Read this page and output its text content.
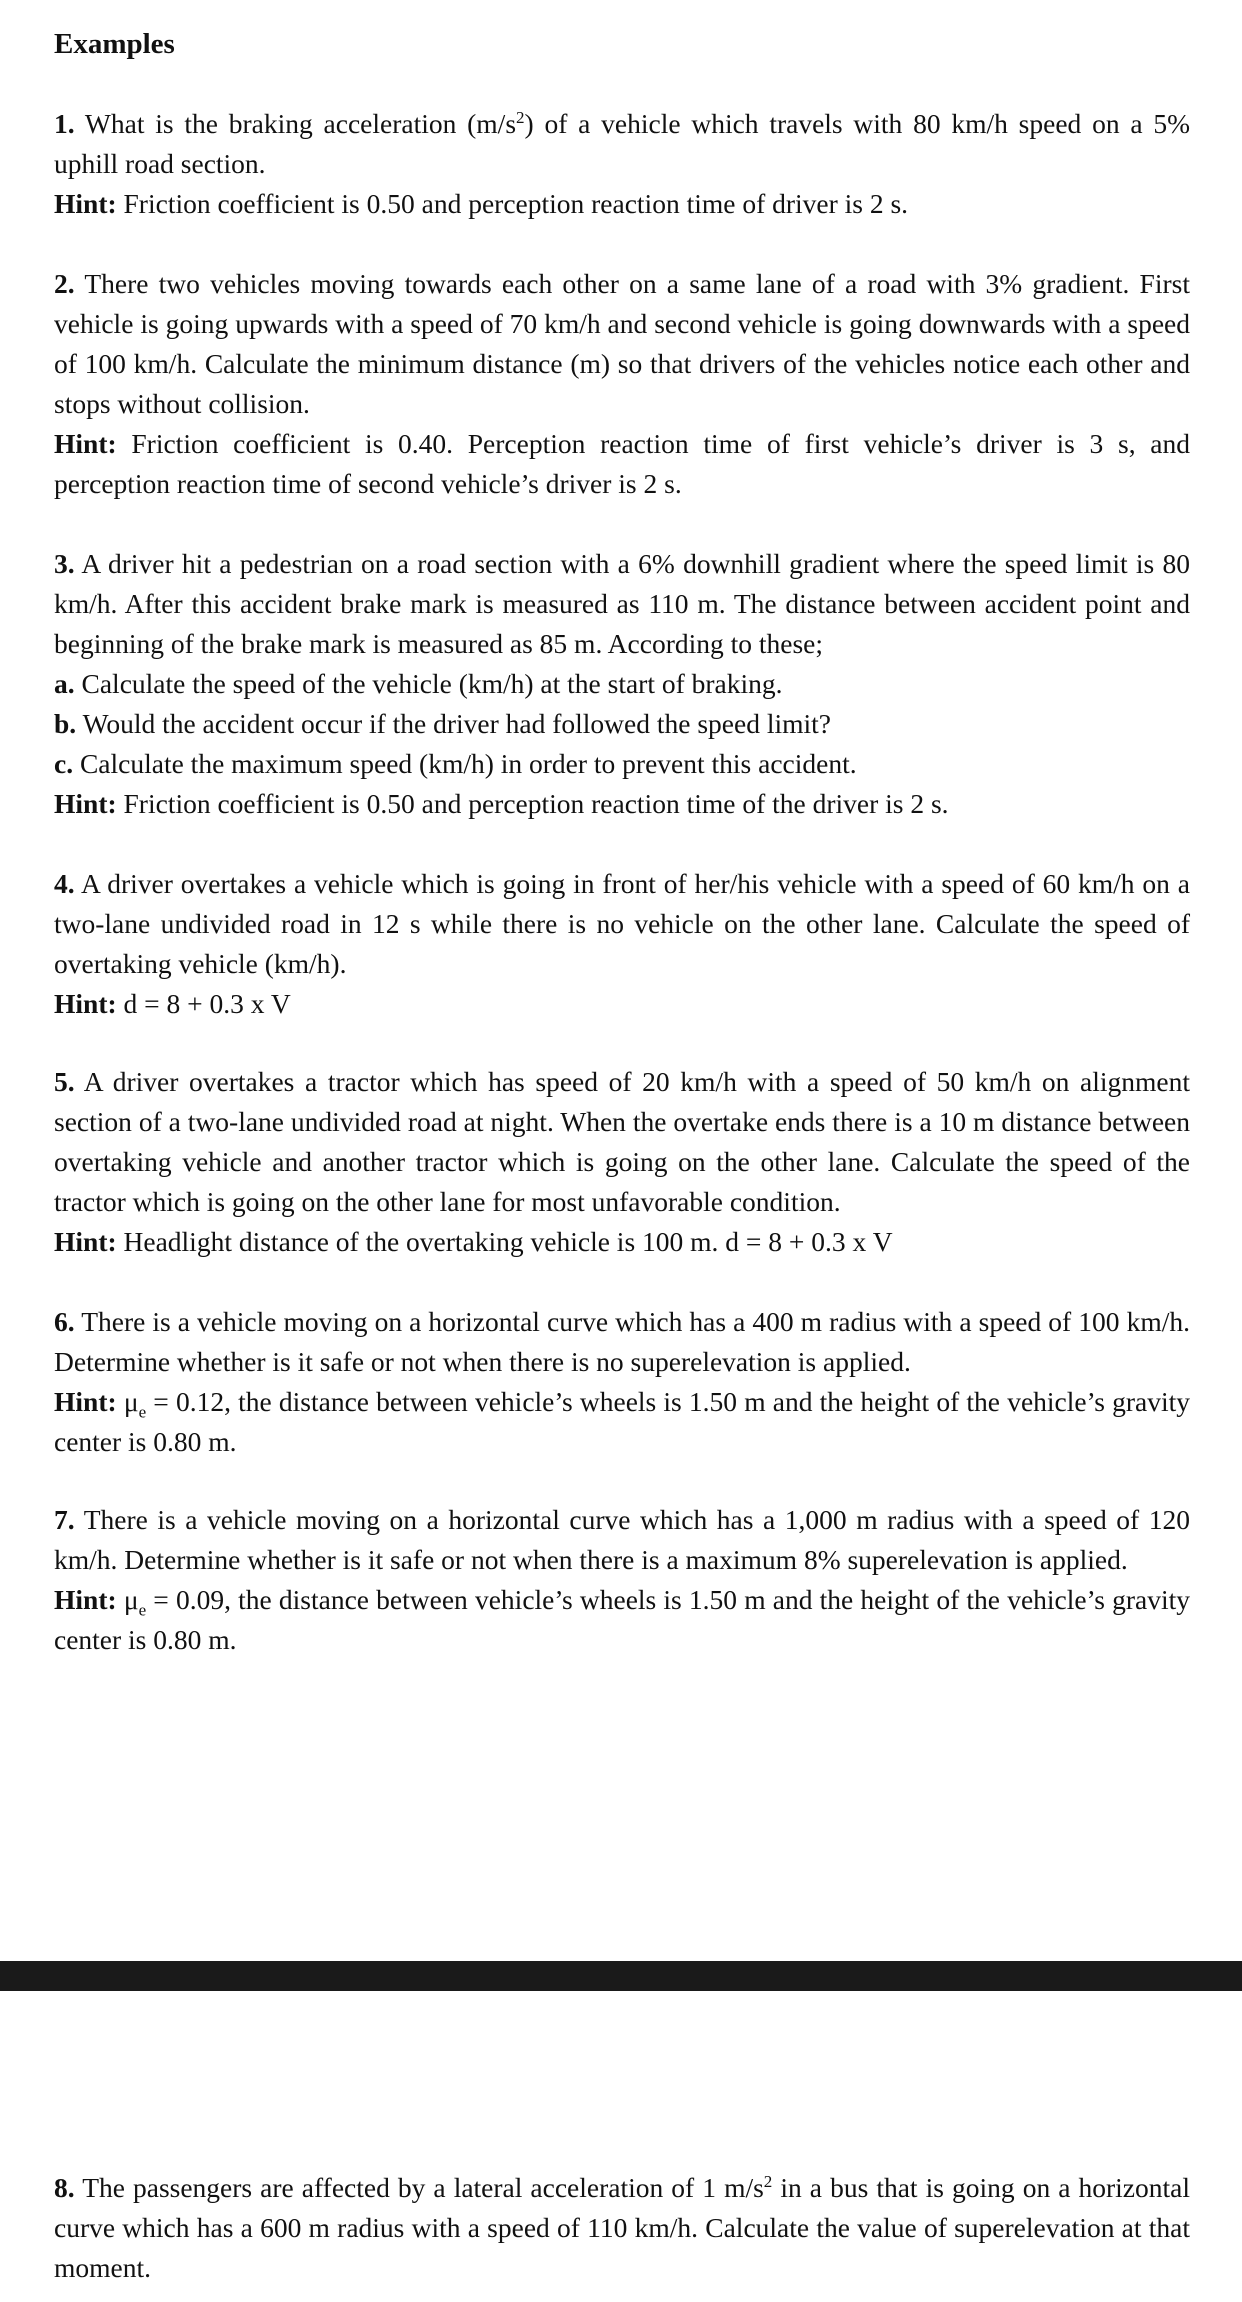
Examples

1. What is the braking acceleration $(m/s^2)$ of a vehicle which travels with 80 km/h speed on a 5% uphill road section.

Hint: Friction coefficient is 0.50 and perception reaction time of driver is 2 s.

2. There two vehicles moving towards each other on a same lane of a road with 3% gradient. First vehicle is going upwards with a speed of 70 km/h and second vehicle is going downwards with a speed of 100 km/h. Calculate the minimum distance (m) so that drivers of the vehicles notice each other and stops without collision.

Hint: Friction coefficient is 0.40. Perception reaction time of first vehicle’s driver is 3 s, and perception reaction time of second vehicle’s driver is 2 s.

3. A driver hit a pedestrian on a road section with a 6% downhill gradient where the speed limit is 80 km/h. After this accident brake mark is measured as 110 m. The distance between accident point and beginning of the brake mark is measured as 85 m. According to these;

a. Calculate the speed of the vehicle (km/h) at the start of braking.

b. Would the accident occur if the driver had followed the speed limit?

c. Calculate the maximum speed (km/h) in order to prevent this accident.

Hint: Friction coefficient is 0.50 and perception reaction time of the driver is 2 s.

4. A driver overtakes a vehicle which is going in front of her/his vehicle with a speed of 60 km/h on a two-lane undivided road in 12 s while there is no vehicle on the other lane. Calculate the speed of overtaking vehicle (km/h).

Hint: d = 8 + 0.3 x V

5. A driver overtakes a tractor which has speed of 20 km/h with a speed of 50 km/h on alignment section of a two-lane undivided road at night. When the overtake ends there is a 10 m distance between overtaking vehicle and another tractor which is going on the other lane. Calculate the speed of the tractor which is going on the other lane for most unfavorable condition.

Hint: Headlight distance of the overtaking vehicle is 100 m. d = 8 + 0.3 x V

6. There is a vehicle moving on a horizontal curve which has a 400 m radius with a speed of 100 km/h. Determine whether is it safe or not when there is no superelevation is applied.

Hint: $\mu_e = 0.12$, the distance between vehicle’s wheels is 1.50 m and the height of the vehicle’s gravity center is 0.80 m.

7. There is a vehicle moving on a horizontal curve which has a 1,000 m radius with a speed of 120 km/h. Determine whether is it safe or not when there is a maximum 8% superelevation is applied.

Hint: $\mu_e = 0.09$, the distance between vehicle’s wheels is 1.50 m and the height of the vehicle’s gravity center is 0.80 m.

8. The passengers are affected by a lateral acceleration of 1 $m/s^2$ in a bus that is going on a horizontal curve which has a 600 m radius with a speed of 110 km/h. Calculate the value of superelevation at that moment.
